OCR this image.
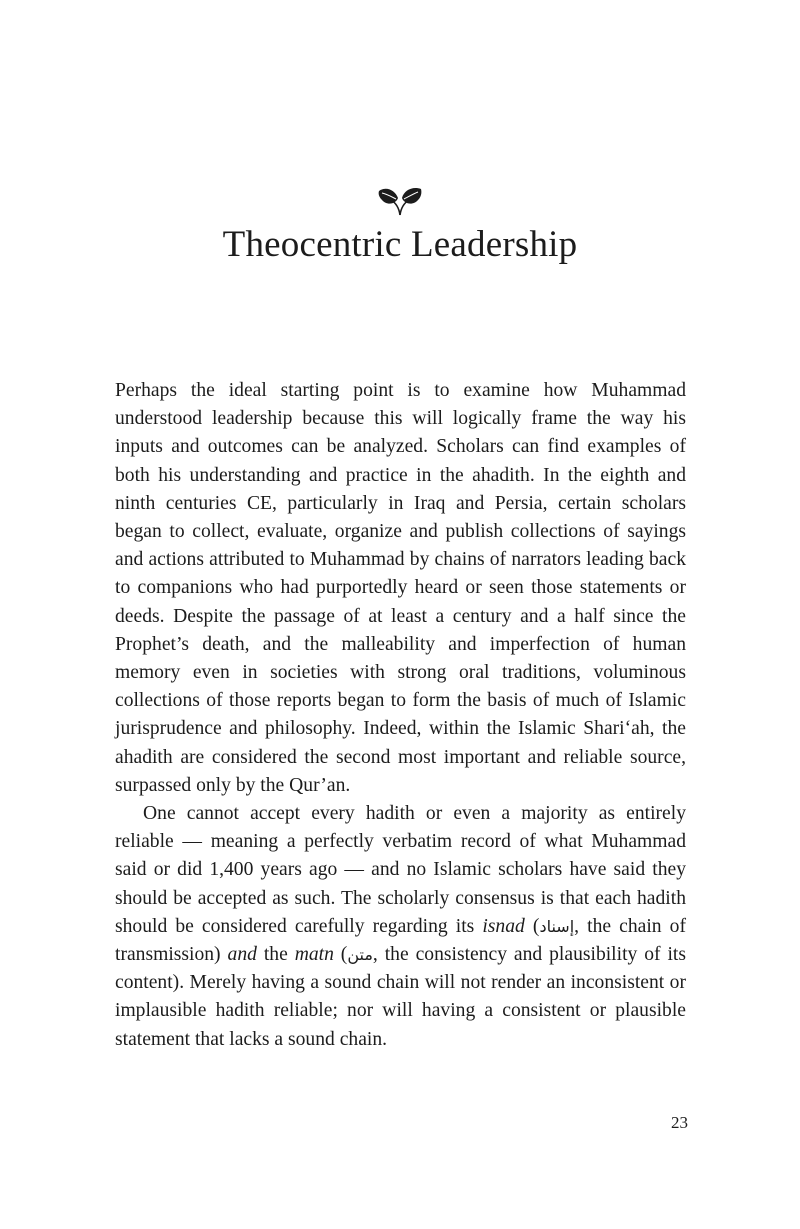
Theocentric Leadership

Perhaps the ideal starting point is to examine how Muhammad understood leadership because this will logically frame the way his inputs and outcomes can be analyzed. Scholars can find examples of both his understanding and practice in the ahadith. In the eighth and ninth centuries CE, particularly in Iraq and Persia, certain scholars began to collect, evaluate, organize and publish collections of sayings and actions attributed to Muhammad by chains of narrators leading back to companions who had purportedly heard or seen those statements or deeds. Despite the passage of at least a century and a half since the Prophet’s death, and the malleability and imperfection of human memory even in societies with strong oral traditions, voluminous collections of those reports began to form the basis of much of Islamic jurisprudence and philosophy. Indeed, within the Islamic Shari‘ah, the ahadith are considered the second most important and reliable source, surpassed only by the Qur’an.

One cannot accept every hadith or even a majority as entirely reliable — meaning a perfectly verbatim record of what Muhammad said or did 1,400 years ago — and no Islamic scholars have said they should be accepted as such. The scholarly consensus is that each hadith should be considered carefully regarding its isnad (إسناد, the chain of transmission) and the matn (متن, the consistency and plausibility of its content). Merely having a sound chain will not render an inconsistent or implausible hadith reliable; nor will having a consistent or plausible statement that lacks a sound chain.

23
